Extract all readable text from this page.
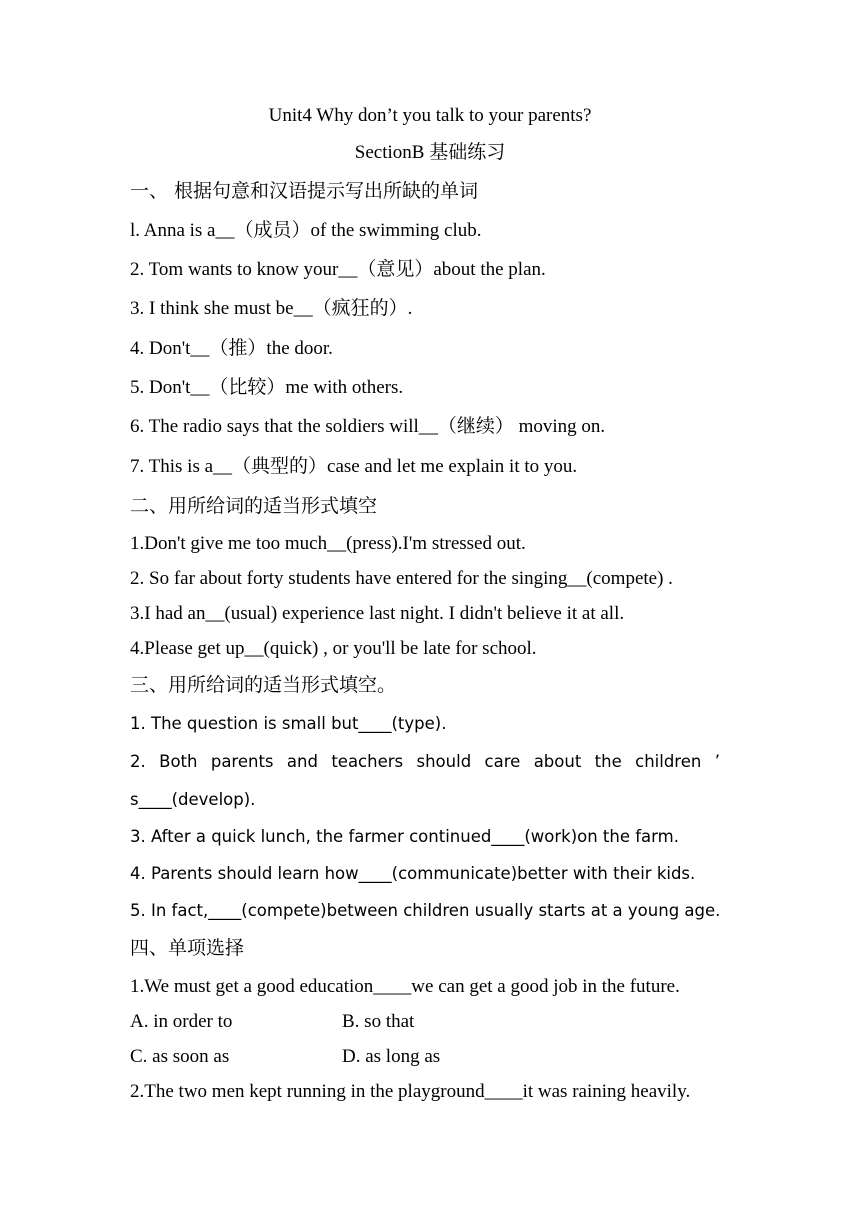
Unit4 Why don’t you talk to your parents?
SectionB 基础练习
一、 根据句意和汉语提示写出所缺的单词
l. Anna is a__（成员）of the swimming club.
2. Tom wants to know your__（意见）about the plan.
3. I think she must be__（疯狂的）.
4. Don't__（推）the door.
5. Don't__（比较）me with others.
6. The radio says that the soldiers will__（继续） moving on.
7. This is a__（典型的）case and let me explain it to you.
二、用所给词的适当形式填空
1.Don't give me too much__(press).I'm stressed out.
2. So far about forty students have entered for the singing__(compete) .
3.I had an__(usual) experience last night. I didn't believe it at all.
4.Please get up__(quick) , or you'll be late for school.
三、用所给词的适当形式填空。
1. The question is small but____(type).
2. Both parents and teachers should care about the children ’
s____(develop).
3. After a quick lunch, the farmer continued____(work)on the farm.
4. Parents should learn how____(communicate)better with their kids.
5. In fact,____(compete)between children usually starts at a young age.
四、单项选择
1.We must get a good education____we can get a good job in the future.
A. in order to	B. so that
C. as soon as	D. as long as
2.The two men kept running in the playground____it was raining heavily.
